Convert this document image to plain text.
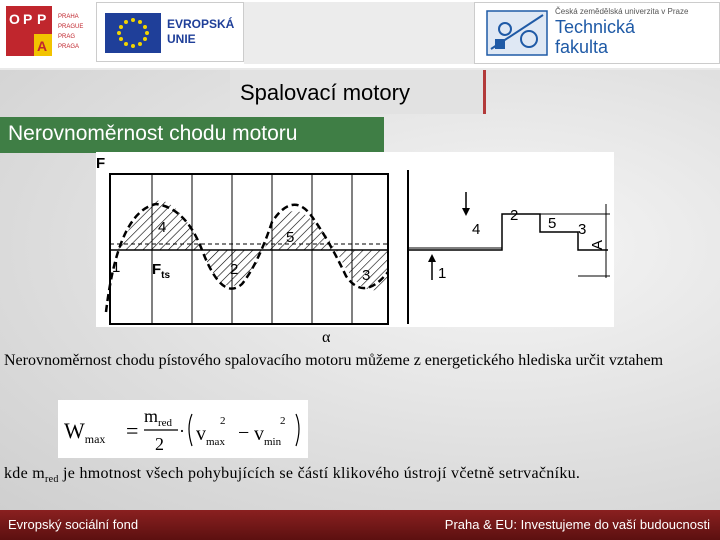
O P P
A
PRAHA
PRAGUE
PRAG
PRAGA
EVROPSKÁ
UNIE
Česká zemědělská univerzita v Praze
Technická
fakulta
Spalovací motory
Nerovnoměrnost chodu motoru
F
α
4
5
1	2	3
$F_{ts}$
4
2 5 3
1
A
Nerovnoměrnost chodu pístového spalovacího motoru můžeme z energetického hlediska určit vztahem
$W_{max}$ =
$m_{red}$
2
· $v_{max}$
2
− $v_{min}$
2
kde $m_{red}$ je hmotnost všech pohybujících se částí klikového ústrojí včetně setrvačníku.
Evropský sociální fond	Praha & EU: Investujeme do vaší budoucnosti
